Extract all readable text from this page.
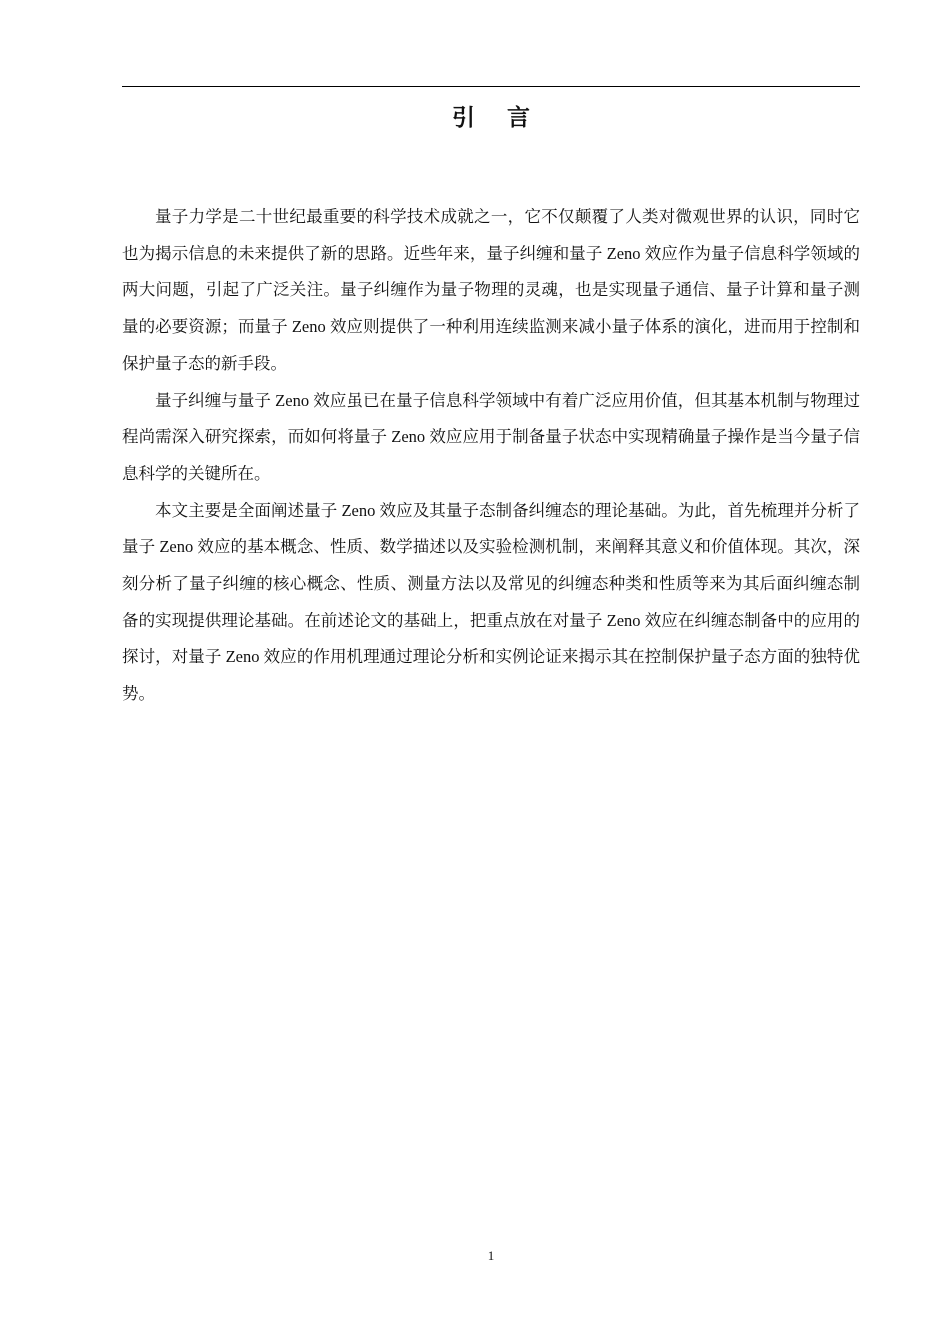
引 言

量子力学是二十世纪最重要的科学技术成就之一，它不仅颠覆了人类对微观世界的认识，同时它也为揭示信息的未来提供了新的思路。近些年来，量子纠缠和量子 Zeno 效应作为量子信息科学领域的两大问题，引起了广泛关注。量子纠缠作为量子物理的灵魂，也是实现量子通信、量子计算和量子测量的必要资源；而量子 Zeno 效应则提供了一种利用连续监测来减小量子体系的演化，进而用于控制和保护量子态的新手段。

量子纠缠与量子 Zeno 效应虽已在量子信息科学领域中有着广泛应用价值，但其基本机制与物理过程尚需深入研究探索，而如何将量子 Zeno 效应应用于制备量子状态中实现精确量子操作是当今量子信息科学的关键所在。

本文主要是全面阐述量子 Zeno 效应及其量子态制备纠缠态的理论基础。为此，首先梳理并分析了量子 Zeno 效应的基本概念、性质、数学描述以及实验检测机制，来阐释其意义和价值体现。其次，深刻分析了量子纠缠的核心概念、性质、测量方法以及常见的纠缠态种类和性质等来为其后面纠缠态制备的实现提供理论基础。在前述论文的基础上，把重点放在对量子 Zeno 效应在纠缠态制备中的应用的探讨，对量子 Zeno 效应的作用机理通过理论分析和实例论证来揭示其在控制保护量子态方面的独特优势。

1
